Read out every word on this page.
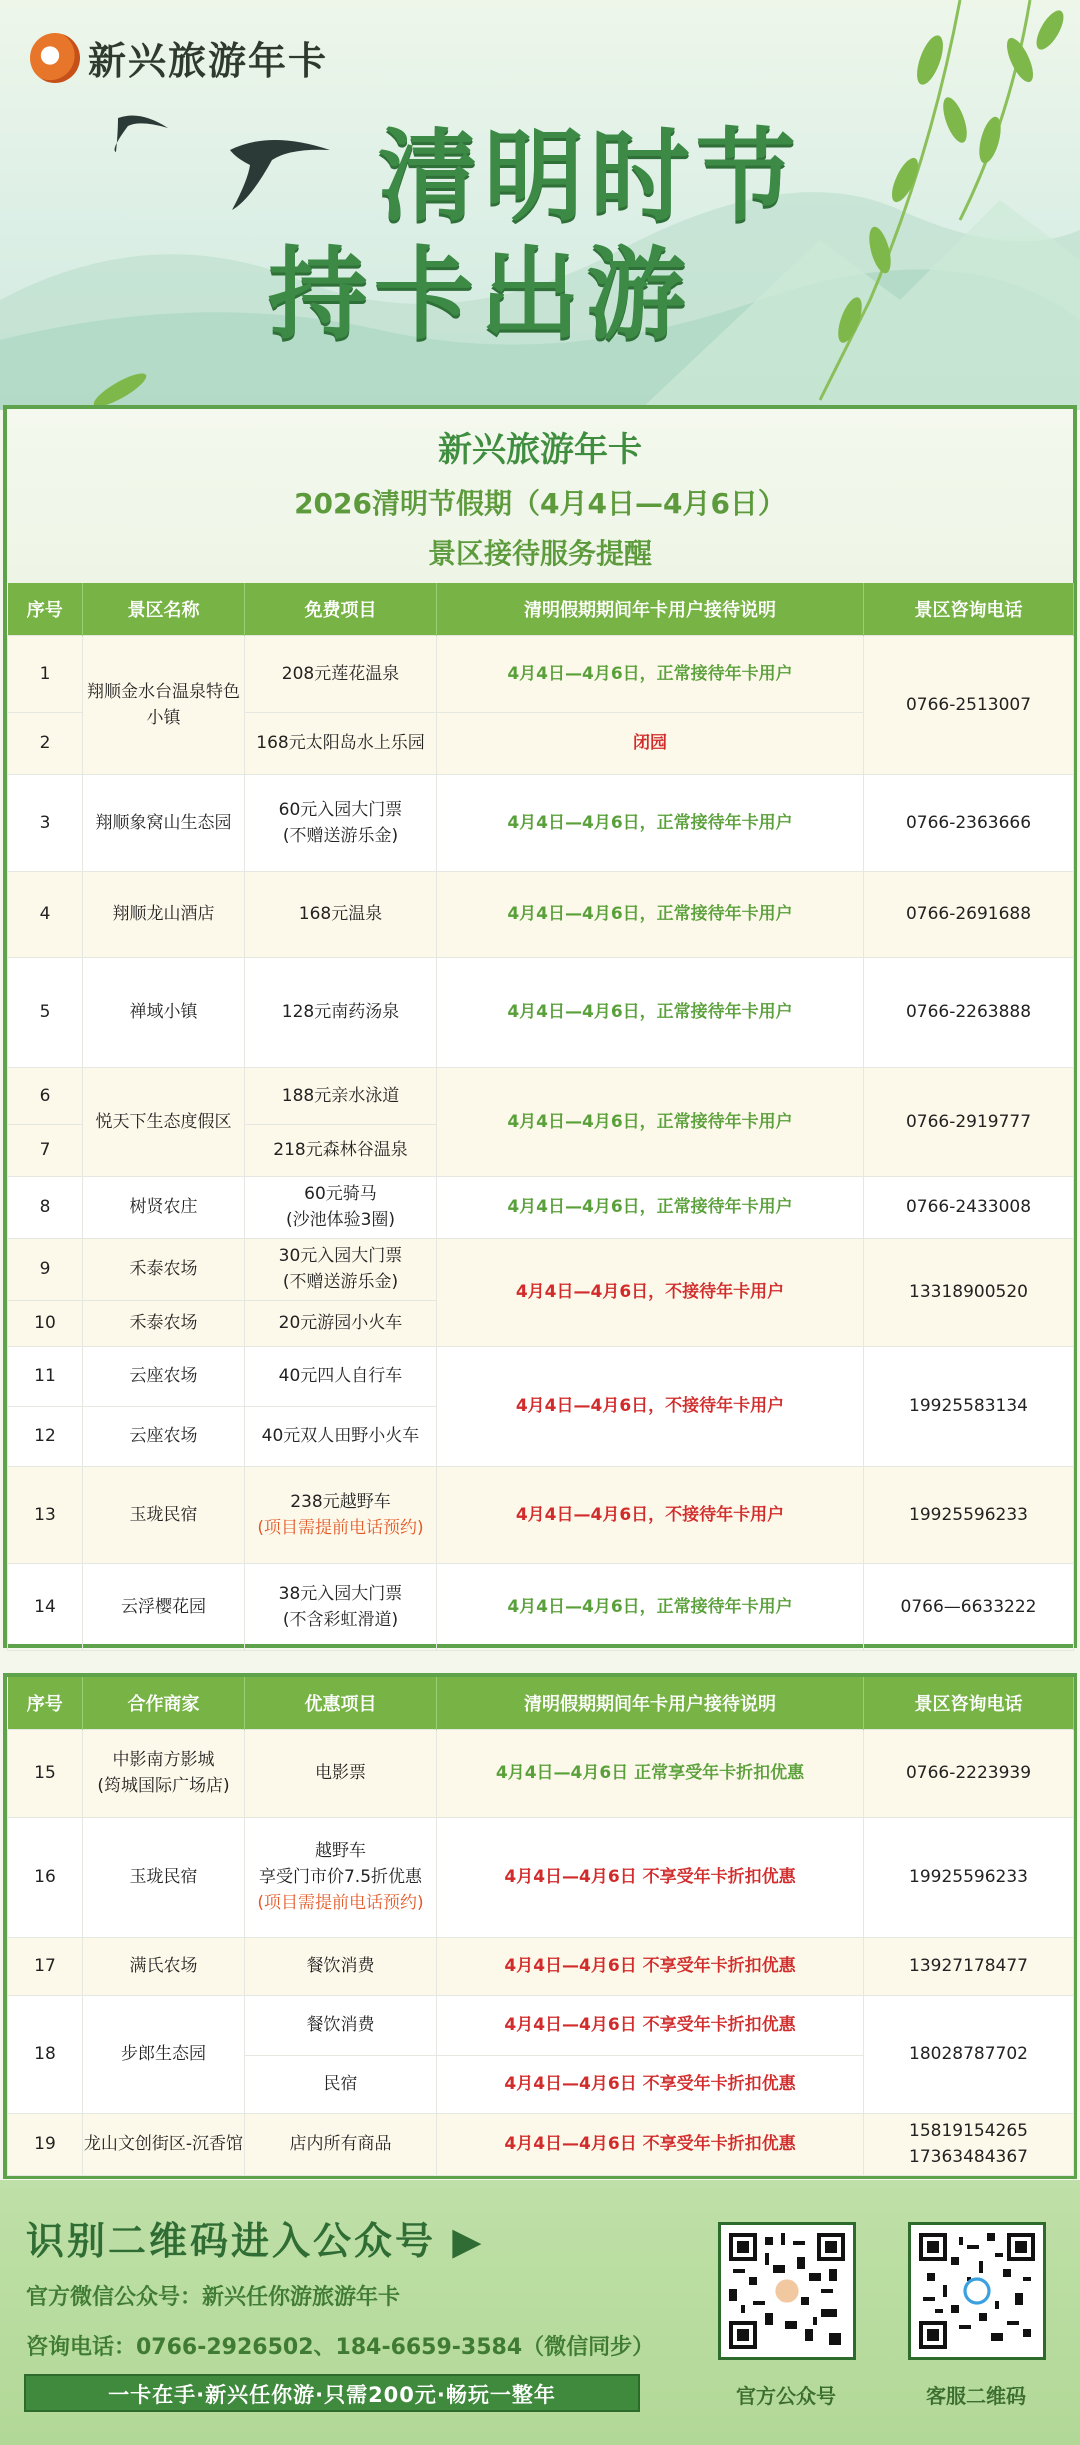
新兴旅游年卡
清明时节
持卡出游
新兴旅游年卡
2026清明节假期（4月4日—4月6日）
景区接待服务提醒
序号	景区名称	免费项目	清明假期期间年卡用户接待说明	景区咨询电话
1	翔顺金水台温泉特色小镇	208元莲花温泉	4月4日—4月6日，正常接待年卡用户	0766-2513007
2		168元太阳岛水上乐园	闭园	
3	翔顺象窝山生态园	60元入园大门票
(不赠送游乐金)	4月4日—4月6日，正常接待年卡用户	0766-2363666
4	翔顺龙山酒店	168元温泉	4月4日—4月6日，正常接待年卡用户	0766-2691688
5	禅域小镇	128元南药汤泉	4月4日—4月6日，正常接待年卡用户	0766-2263888
6	悦天下生态度假区	188元亲水泳道	4月4日—4月6日，正常接待年卡用户	0766-2919777
7		218元森林谷温泉		
8	树贤农庄	60元骑马
(沙池体验3圈)	4月4日—4月6日，正常接待年卡用户	0766-2433008
9	禾泰农场	30元入园大门票
(不赠送游乐金)	4月4日—4月6日，不接待年卡用户	13318900520
10	禾泰农场	20元游园小火车		
11	云座农场	40元四人自行车	4月4日—4月6日，不接待年卡用户	19925583134
12	云座农场	40元双人田野小火车		
13	玉珑民宿	238元越野车
(项目需提前电话预约)	4月4日—4月6日，不接待年卡用户	19925596233
14	云浮樱花园	38元入园大门票
(不含彩虹滑道)	4月4日—4月6日，正常接待年卡用户	0766—6633222
序号	合作商家	优惠项目	清明假期期间年卡用户接待说明	景区咨询电话
15	中影南方影城
(筠城国际广场店)	电影票	4月4日—4月6日 正常享受年卡折扣优惠	0766-2223939
16	玉珑民宿	越野车
享受门市价7.5折优惠
(项目需提前电话预约)	4月4日—4月6日 不享受年卡折扣优惠	19925596233
17	满氏农场	餐饮消费	4月4日—4月6日 不享受年卡折扣优惠	13927178477
18	步郎生态园	餐饮消费	4月4日—4月6日 不享受年卡折扣优惠	18028787702
		民宿	4月4日—4月6日 不享受年卡折扣优惠	
19	龙山文创街区-沉香馆	店内所有商品	4月4日—4月6日 不享受年卡折扣优惠	15819154265
17363484367
识别二维码进入公众号 ▶
官方微信公众号：新兴任你游旅游年卡
咨询电话：0766-2926502、184-6659-3584（微信同步）
一卡在手·新兴任你游·只需200元·畅玩一整年	官方公众号	客服二维码
